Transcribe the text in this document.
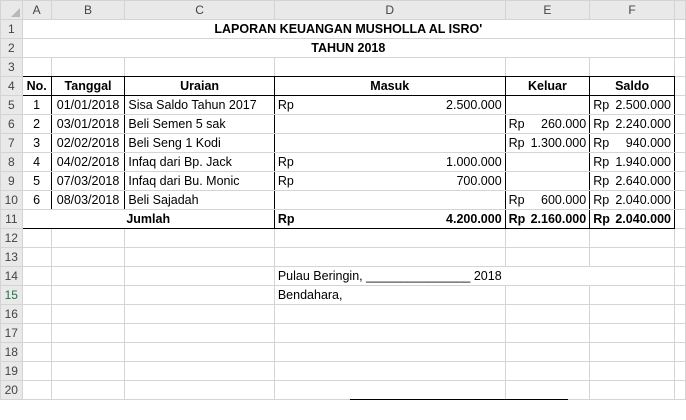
	A	B	C	D	E	F	
1	LAPORAN KEUANGAN MUSHOLLA AL ISRO'						
2	TAHUN 2018						
3							
4	No.	Tanggal	Uraian	Masuk	Keluar	Saldo	
5	1	01/01/2018	Sisa Saldo Tahun 2017	Rp 2.500.000		Rp 2.500.000	

6	2	03/01/2018	Beli Semen 5 sak		Rp 260.000	Rp 2.240.000	

7	3	02/02/2018	Beli Seng 1 Kodi		Rp 1.300.000	Rp 940.000	

8	4	04/02/2018	Infaq dari Bp. Jack	Rp 1.000.000		Rp 1.940.000	

9	5	07/03/2018	Infaq dari Bu. Monic	Rp 700.000		Rp 2.640.000	

10	6	08/03/2018	Beli Sajadah		Rp 600.000	Rp 2.040.000	

11	Jumlah			Rp 4.200.000	Rp 2.160.000	Rp 2.040.000	

12							
13							
14				Pulau Beringin, _______________ 2018			
15				Bendahara,			
16							
17							
18							
19							
20							
